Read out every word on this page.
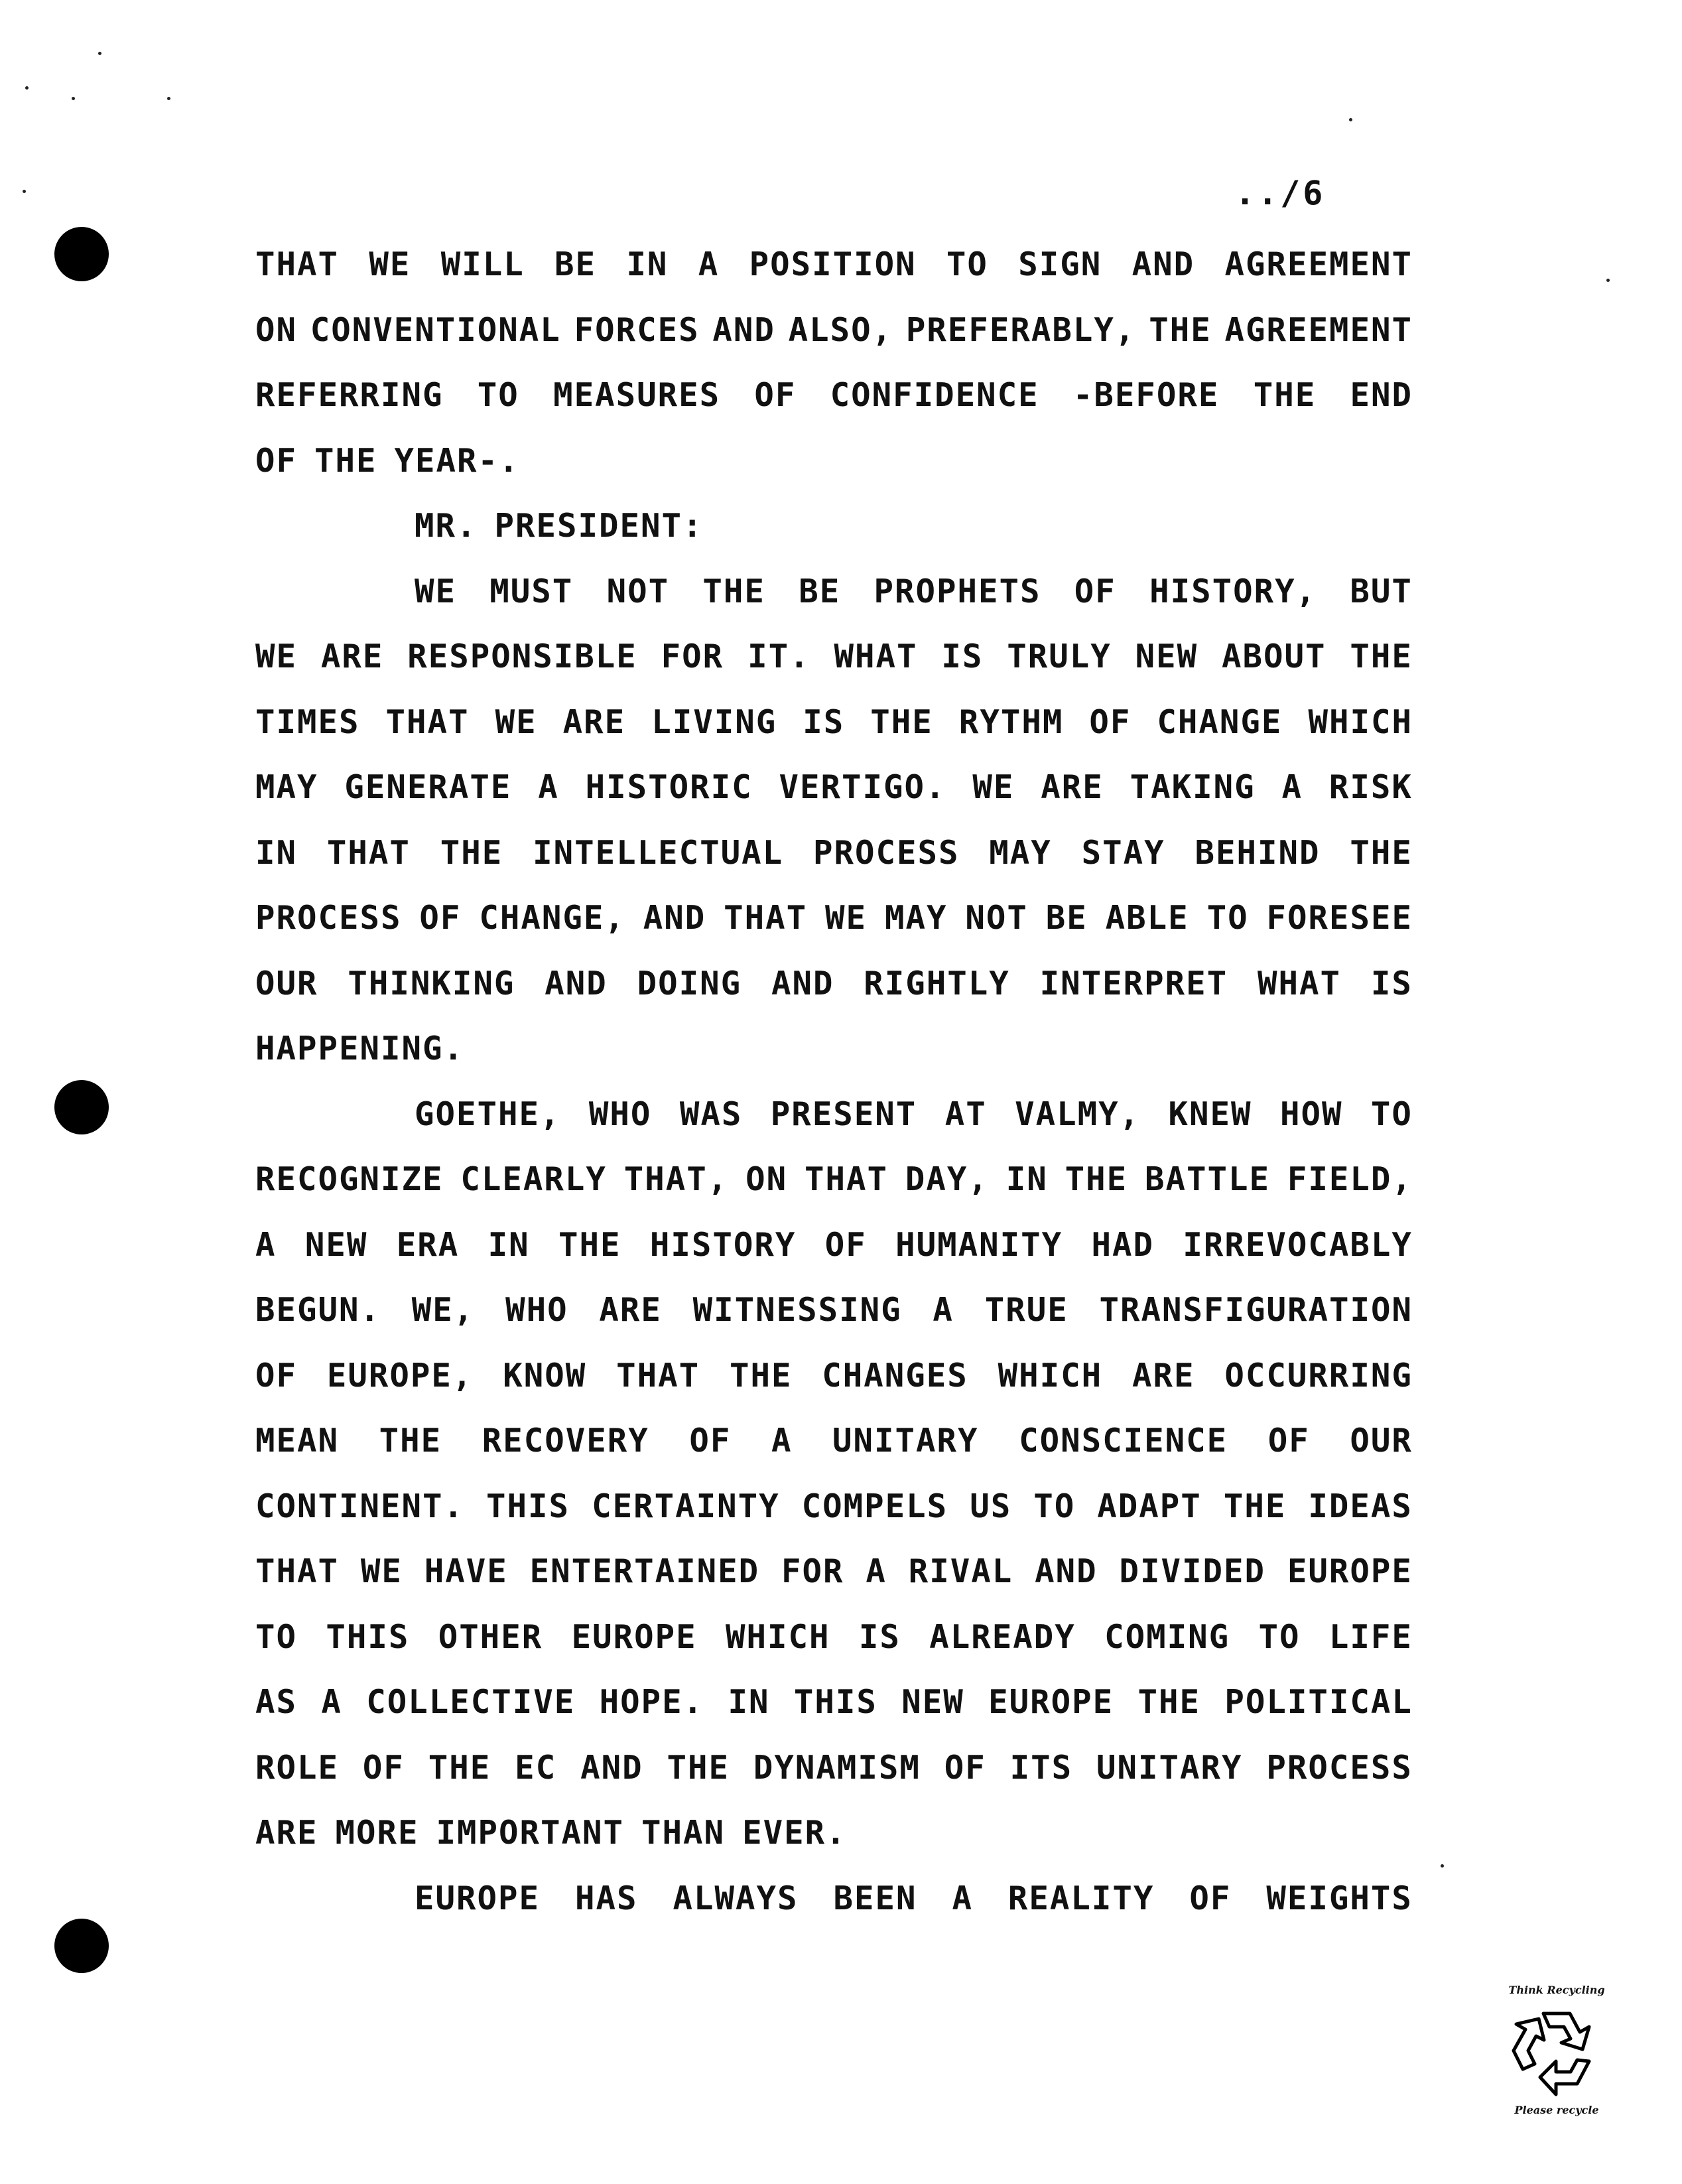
../6
THAT WE WILL BE IN A POSITION TO SIGN AND AGREEMENT
ON CONVENTIONAL FORCES AND ALSO, PREFERABLY, THE AGREEMENT
REFERRING TO MEASURES OF CONFIDENCE -BEFORE THE END
OF THE YEAR-.
MR. PRESIDENT:
WE MUST NOT THE BE PROPHETS OF HISTORY, BUT
WE ARE RESPONSIBLE FOR IT. WHAT IS TRULY NEW ABOUT THE
TIMES THAT WE ARE LIVING IS THE RYTHM OF CHANGE WHICH
MAY GENERATE A HISTORIC VERTIGO. WE ARE TAKING A RISK
IN THAT THE INTELLECTUAL PROCESS MAY STAY BEHIND THE
PROCESS OF CHANGE, AND THAT WE MAY NOT BE ABLE TO FORESEE
OUR THINKING AND DOING AND RIGHTLY INTERPRET WHAT IS
HAPPENING.
GOETHE, WHO WAS PRESENT AT VALMY, KNEW HOW TO
RECOGNIZE CLEARLY THAT, ON THAT DAY, IN THE BATTLE FIELD,
A NEW ERA IN THE HISTORY OF HUMANITY HAD IRREVOCABLY
BEGUN. WE, WHO ARE WITNESSING A TRUE TRANSFIGURATION
OF EUROPE, KNOW THAT THE CHANGES WHICH ARE OCCURRING
MEAN THE RECOVERY OF A UNITARY CONSCIENCE OF OUR
CONTINENT. THIS CERTAINTY COMPELS US TO ADAPT THE IDEAS
THAT WE HAVE ENTERTAINED FOR A RIVAL AND DIVIDED EUROPE
TO THIS OTHER EUROPE WHICH IS ALREADY COMING TO LIFE
AS A COLLECTIVE HOPE. IN THIS NEW EUROPE THE POLITICAL
ROLE OF THE EC AND THE DYNAMISM OF ITS UNITARY PROCESS
ARE MORE IMPORTANT THAN EVER.
EUROPE HAS ALWAYS BEEN A REALITY OF WEIGHTS
Think Recycling
Please recycle
